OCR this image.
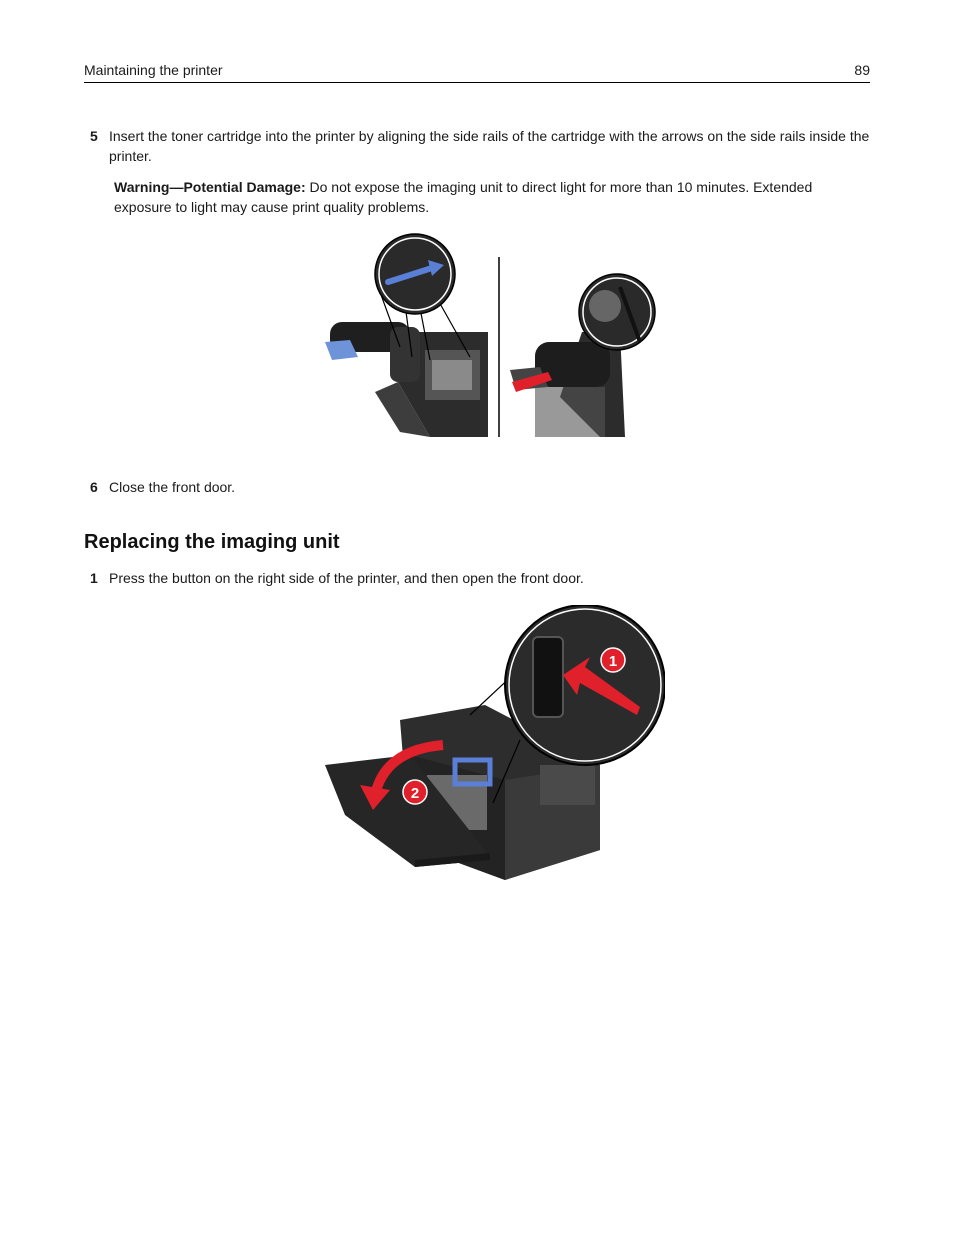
Maintaining the printer	89
5 Insert the toner cartridge into the printer by aligning the side rails of the cartridge with the arrows on the side rails inside the printer.
Warning—Potential Damage: Do not expose the imaging unit to direct light for more than 10 minutes. Extended exposure to light may cause print quality problems.
6 Close the front door.
Replacing the imaging unit
1 Press the button on the right side of the printer, and then open the front door.
2
1
